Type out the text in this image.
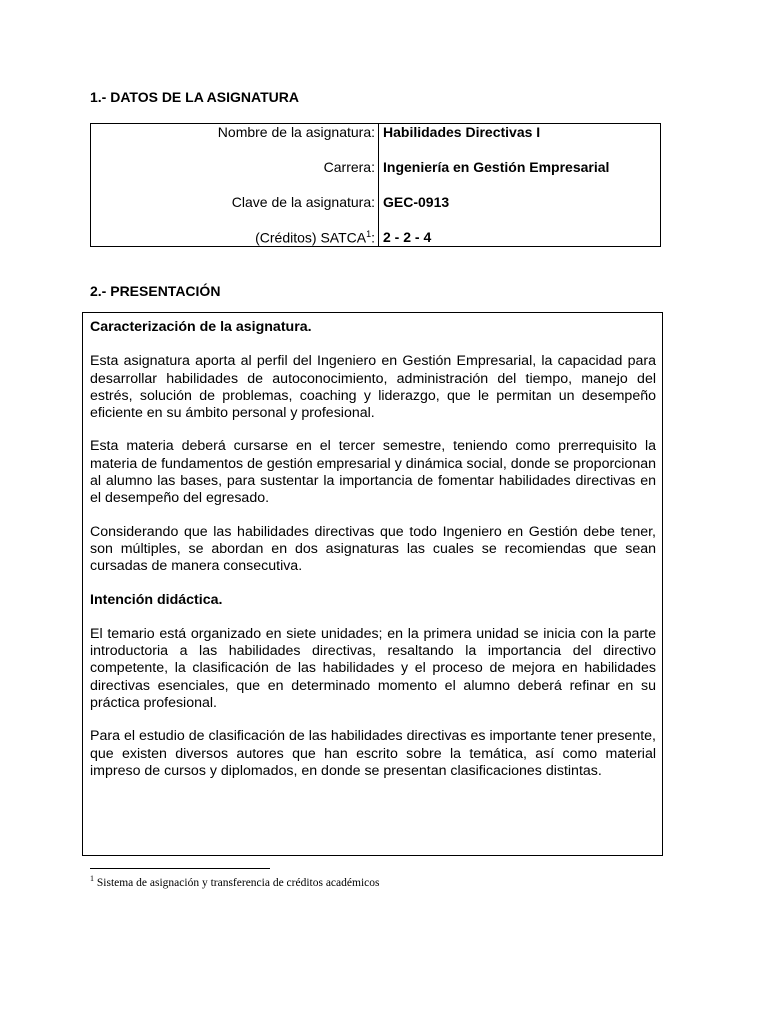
1.- DATOS DE LA ASIGNATURA
Nombre de la asignatura:	Habilidades Directivas I
Carrera:	Ingeniería en Gestión Empresarial
Clave de la asignatura:	GEC-0913
(Créditos) SATCA$^1$:	2 - 2 - 4
2.- PRESENTACIÓN

Caracterización de la asignatura.

Esta asignatura aporta al perfil del Ingeniero en Gestión Empresarial, la capacidad para desarrollar habilidades de autoconocimiento, administración del tiempo, manejo del estrés, solución de problemas, coaching y liderazgo, que le permitan un desempeño eficiente en su ámbito personal y profesional.

Esta materia deberá cursarse en el tercer semestre, teniendo como prerrequisito la materia de fundamentos de gestión empresarial y dinámica social, donde se proporcionan al alumno las bases, para sustentar la importancia de fomentar habilidades directivas en el desempeño del egresado.

Considerando que las habilidades directivas que todo Ingeniero en Gestión debe tener, son múltiples, se abordan en dos asignaturas las cuales se recomiendas que sean cursadas de manera consecutiva.

Intención didáctica.

El temario está organizado en siete unidades; en la primera unidad se inicia con la parte introductoria a las habilidades directivas, resaltando la importancia del directivo competente, la clasificación de las habilidades y el proceso de mejora en habilidades directivas esenciales, que en determinado momento el alumno deberá refinar en su práctica profesional.

Para el estudio de clasificación de las habilidades directivas es importante tener presente, que existen diversos autores que han escrito sobre la temática, así como material impreso de cursos y diplomados, en donde se presentan clasificaciones distintas.

$^1$ Sistema de asignación y transferencia de créditos académicos
